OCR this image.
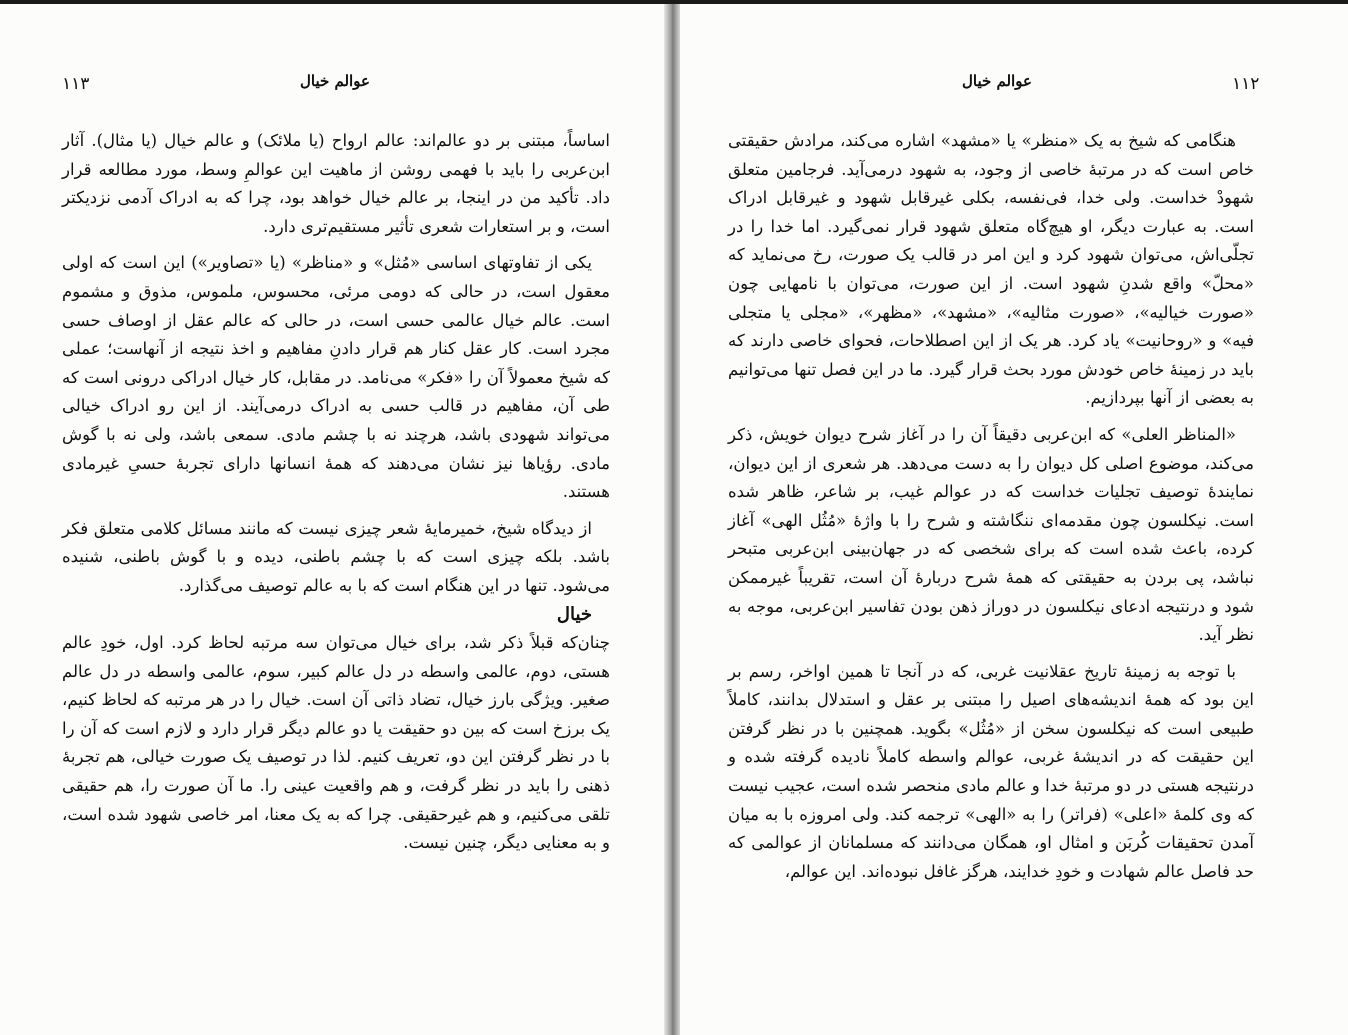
عوالم خیال
۱۱۳

اساساً، مبتنی بر دو عالم‌اند: عالم ارواح (یا ملائک) و عالم خیال (یا مثال). آثار ابن‌عربی را باید با فهمی روشن از ماهیت این عوالمِ وسط، مورد مطالعه قرار داد. تأکید من در اینجا، بر عالم خیال خواهد بود، چرا که به ادراک آدمی نزدیکتر است، و بر استعارات شعری تأثیر مستقیم‌تری دارد.

یکی از تفاوتهای اساسی «مُثل» و «مناظر» (یا «تصاویر») این است که اولی معقول است، در حالی که دومی مرئی، محسوس، ملموس، مذوق و مشموم است. عالم خیال عالمی حسی است، در حالی که عالم عقل از اوصاف حسی مجرد است. کار عقل کنار هم قرار دادنِ مفاهیم و اخذ نتیجه از آنهاست؛ عملی که شیخ معمولاً آن را «فکر» می‌نامد. در مقابل، کار خیال ادراکی درونی است که طی آن، مفاهیم در قالب حسی به ادراک درمی‌آیند. از این رو ادراک خیالی می‌تواند شهودی باشد، هرچند نه با چشم مادی. سمعی باشد، ولی نه با گوش مادی. رؤیاها نیز نشان می‌دهند که همهٔ انسانها دارای تجربهٔ حسیِ غیرمادی هستند.

از دیدگاه شیخ، خمیرمایهٔ شعر چیزی نیست که مانند مسائل کلامی متعلق فکر باشد. بلکه چیزی است که با چشم باطنی، دیده و با گوش باطنی، شنیده می‌شود. تنها در این هنگام است که با به عالم توصیف می‌گذارد.

خیال

چنان‌که قبلاً ذکر شد، برای خیال می‌توان سه مرتبه لحاظ کرد. اول، خودِ عالم هستی، دوم، عالمی واسطه در دل عالم کبیر، سوم، عالمی واسطه در دل عالم صغیر. ویژگی بارز خیال، تضاد ذاتی آن است. خیال را در هر مرتبه که لحاظ کنیم، یک برزخ است که بین دو حقیقت یا دو عالم دیگر قرار دارد و لازم است که آن را با در نظر گرفتن این دو، تعریف کنیم. لذا در توصیف یک صورت خیالی، هم تجربهٔ ذهنی را باید در نظر گرفت، و هم واقعیت عینی را. ما آن صورت را، هم حقیقی تلقی می‌کنیم، و هم غیرحقیقی. چرا که به یک معنا، امر خاصی شهود شده است، و به معنایی دیگر، چنین نیست.

عوالم خیال	۱۱۲

هنگامی که شیخ به یک «منظر» یا «مشهد» اشاره می‌کند، مرادش حقیقتی خاص است که در مرتبهٔ خاصی از وجود، به شهود درمی‌آید. فرجامین متعلق شهودْ خداست. ولی خدا، فی‌نفسه، بکلی غیرقابل شهود و غیرقابل ادراک است. به عبارت دیگر، او هیچ‌گاه متعلق شهود قرار نمی‌گیرد. اما خدا را در تجلّی‌اش، می‌توان شهود کرد و این امر در قالب یک صورت، رخ می‌نماید که «محلّ» واقع شدنِ شهود است. از این صورت، می‌توان با نامهایی چون «صورت خیالیه»، «صورت مثالیه»، «مشهد»، «مظهر»، «مجلی یا متجلی فیه» و «روحانیت» یاد کرد. هر یک از این اصطلاحات، فحوای خاصی دارند که باید در زمینهٔ خاص خودش مورد بحث قرار گیرد. ما در این فصل تنها می‌توانیم به بعضی از آنها بپردازیم.

«المناظر العلی» که ابن‌عربی دقیقاً آن را در آغاز شرح دیوان خویش، ذکر می‌کند، موضوع اصلی کل دیوان را به دست می‌دهد. هر شعری از این دیوان، نمایندهٔ توصیف تجلیات خداست که در عوالم غیب، بر شاعر، ظاهر شده است. نیکلسون چون مقدمه‌ای ننگاشته و شرح را با واژهٔ «مُثُل الهی» آغاز کرده، باعث شده است که برای شخصی که در جهان‌بینی ابن‌عربی متبحر نباشد، پی بردن به حقیقتی که همهٔ شرح دربارهٔ آن است، تقریباً غیرممکن شود و درنتیجه ادعای نیکلسون در دوراز ذهن بودن تفاسیر ابن‌عربی، موجه به نظر آید.

با توجه به زمینهٔ تاریخ عقلانیت غربی، که در آنجا تا همین اواخر، رسم بر این بود که همهٔ اندیشه‌های اصیل را مبتنی بر عقل و استدلال بدانند، کاملاً طبیعی است که نیکلسون سخن از «مُثُل» بگوید. همچنین با در نظر گرفتن این حقیقت که در اندیشهٔ غربی، عوالم واسطه کاملاً نادیده گرفته شده و درنتیجه هستی در دو مرتبهٔ خدا و عالم مادی منحصر شده است، عجیب نیست که وی کلمهٔ «اعلی» (فراتر) را به «الهی» ترجمه کند. ولی امروزه با به میان آمدن تحقیقات کُربَن و امثال او، همگان می‌دانند که مسلمانان از عوالمی که حد فاصل عالم شهادت و خودِ خدایند، هرگز غافل نبوده‌اند. این عوالم،
